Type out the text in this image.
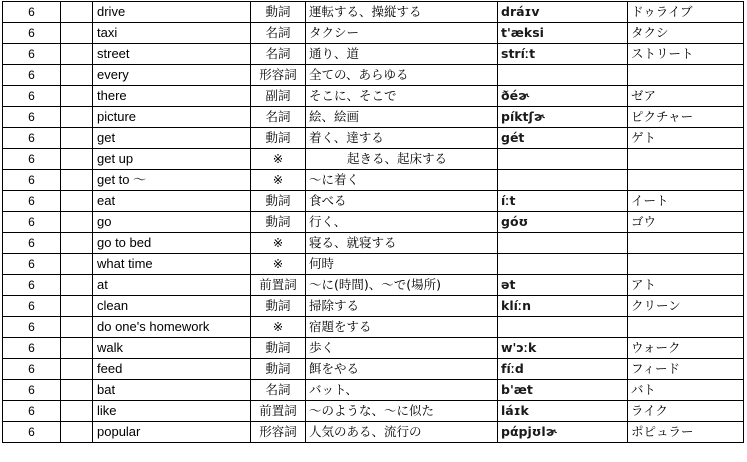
6		drive	動詞	運転する、操縦する	dráɪv	ドゥライブ
6		taxi	名詞	タクシー	t'æksi	タクシ
6		street	名詞	通り、道	stríːt	ストリート
6		every	形容詞	全ての、あらゆる		
6		there	副詞	そこに、そこで	ðéɚ	ゼア
6		picture	名詞	絵、絵画	píktʃɚ	ピクチャー
6		get	動詞	着く、達する	gét	ゲト
6		get up	※	起きる、起床する		
6		get to 〜	※	〜に着く		
6		eat	動詞	食べる	íːt	イート
6		go	動詞	行く、	góʊ	ゴウ
6		go to bed	※	寝る、就寝する		
6		what time	※	何時		
6		at	前置詞	〜に(時間)、〜で(場所)	ət	アト
6		clean	動詞	掃除する	klíːn	クリーン
6		do one's homework	※	宿題をする		
6		walk	動詞	歩く	w'ɔːk	ウォーク
6		feed	動詞	餌をやる	fíːd	フィード
6		bat	名詞	バット、	b'æt	バト
6		like	前置詞	〜のような、〜に似た	láɪk	ライク
6		popular	形容詞	人気のある、流行の	pάpjʊlɚ	ポピュラー
